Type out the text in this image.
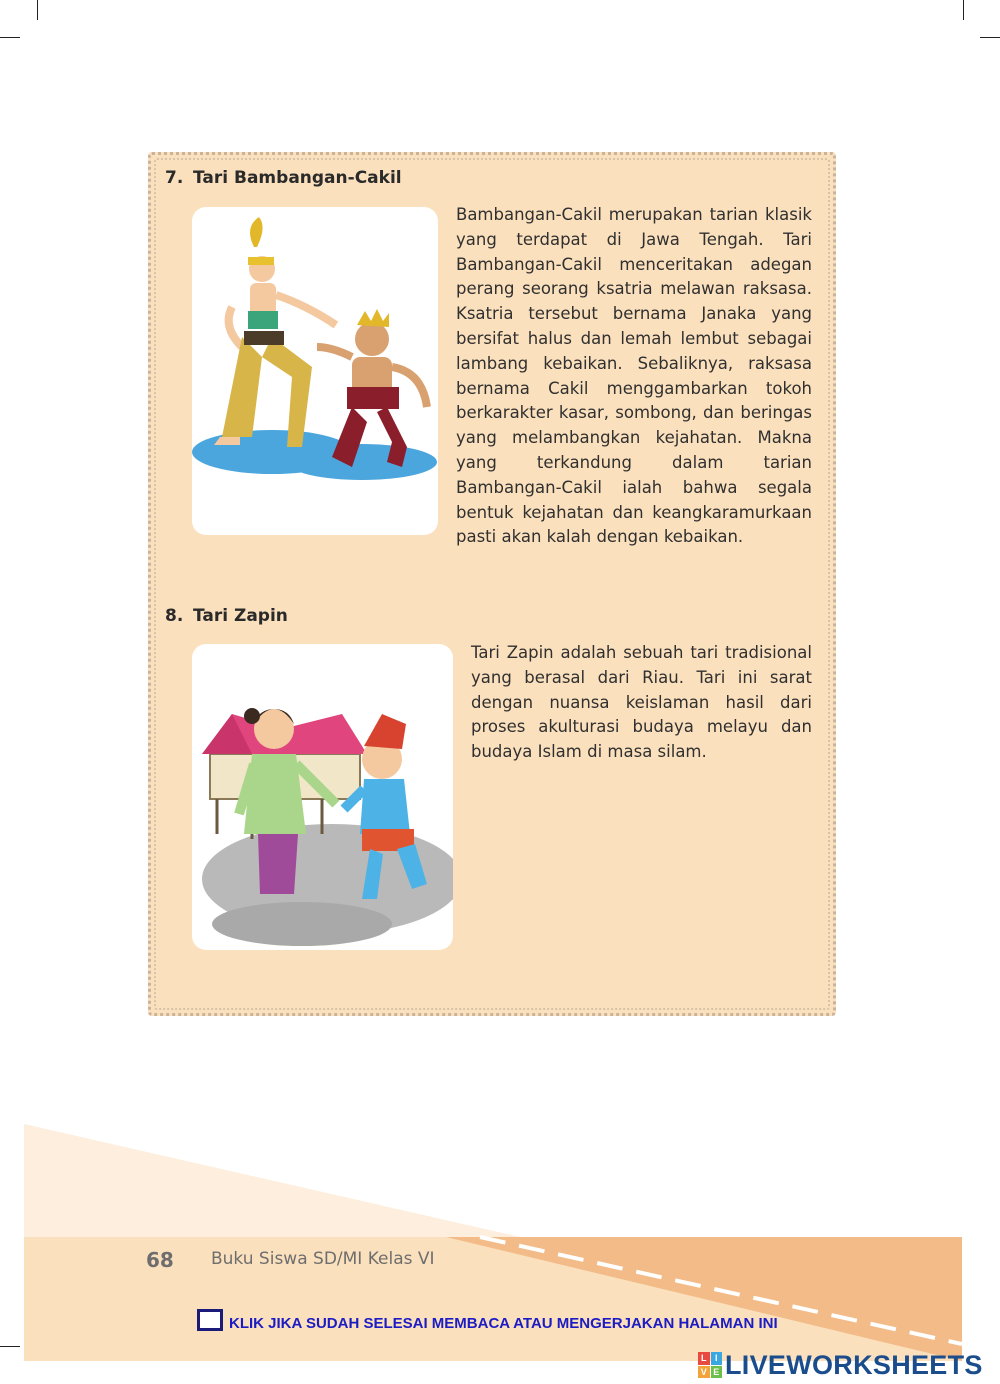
7. Tari Bambangan-Cakil

Bambangan-Cakil merupakan tarian klasik yang terdapat di Jawa Tengah. Tari Bambangan-Cakil menceritakan adegan perang seorang ksatria melawan raksasa. Ksatria tersebut bernama Janaka yang bersifat halus dan lemah lembut sebagai lambang kebaikan. Sebaliknya, raksasa bernama Cakil menggambarkan tokoh berkarakter kasar, sombong, dan beringas yang melambangkan kejahatan. Makna yang terkandung dalam tarian Bambangan-Cakil ialah bahwa segala bentuk kejahatan dan keangkaramurkaan pasti akan kalah dengan kebaikan.

8. Tari Zapin

Tari Zapin adalah sebuah tari tradisional yang berasal dari Riau. Tari ini sarat dengan nuansa keislaman hasil dari proses akulturasi budaya melayu dan budaya Islam di masa silam.

68 Buku Siswa SD/MI Kelas VI
KLIK JIKA SUDAH SELESAI MEMBACA ATAU MENGERJAKAN HALAMAN INI
L I
V E LIVEWORKSHEETS
